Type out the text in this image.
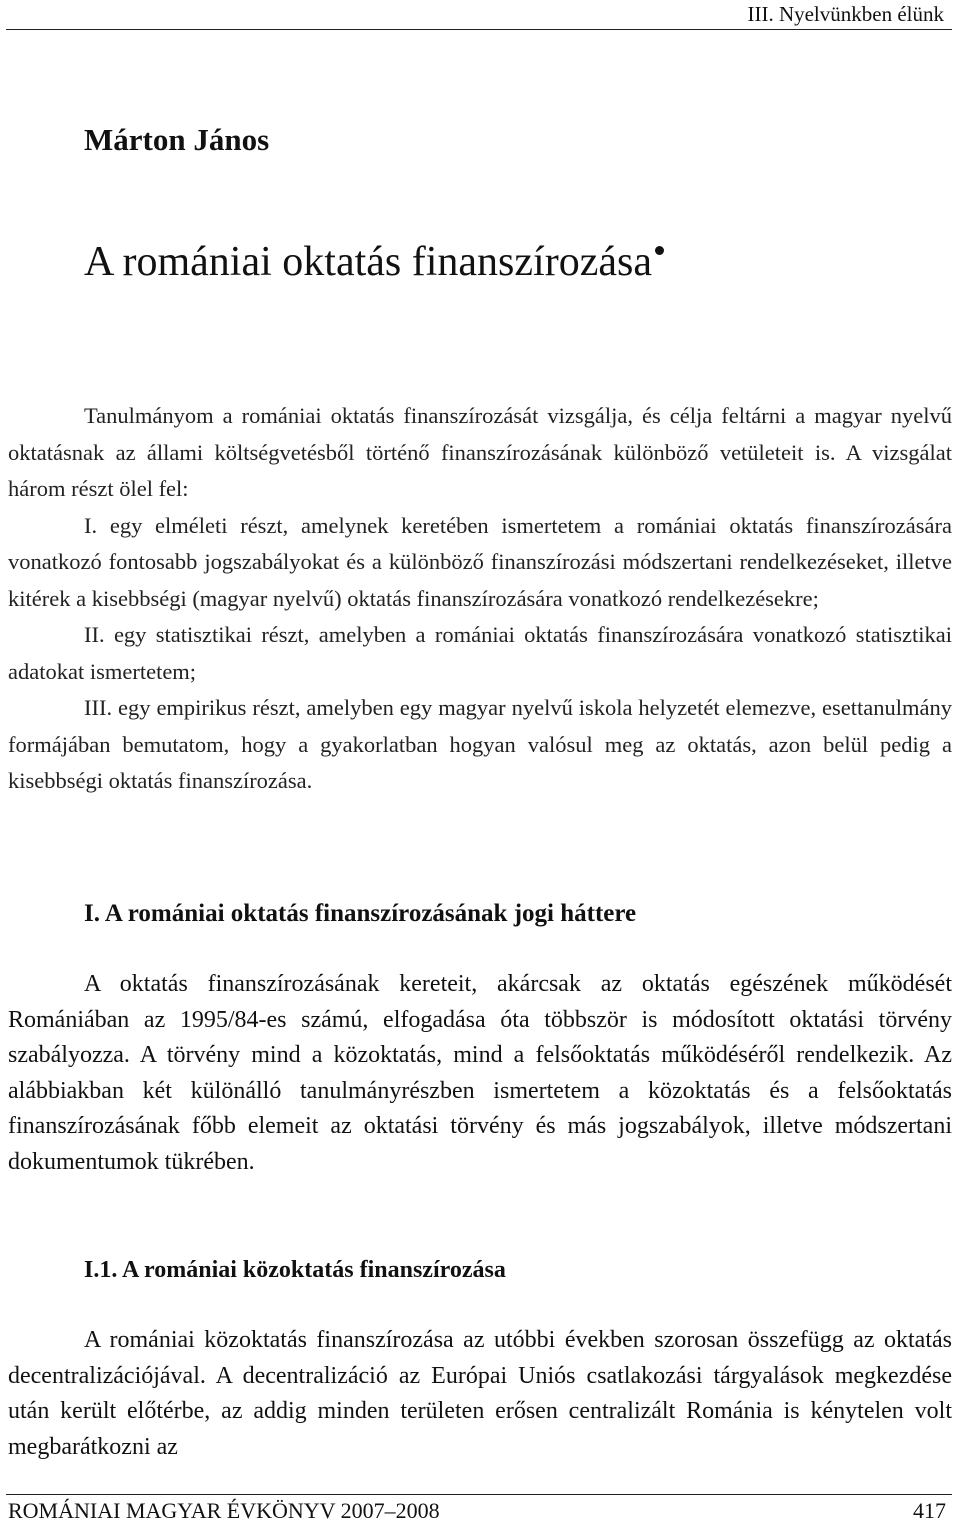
III. Nyelvünkben élünk
Márton János
A romániai oktatás finanszírozása

Tanulmányom a romániai oktatás finanszírozását vizsgálja, és célja feltárni a magyar nyelvű oktatásnak az állami költségvetésből történő finanszírozásának különböző vetületeit is. A vizsgálat három részt ölel fel:

I. egy elméleti részt, amelynek keretében ismertetem a romániai oktatás finanszírozására vonatkozó fontosabb jogszabályokat és a különböző finanszírozási módszertani rendelkezéseket, illetve kitérek a kisebbségi (magyar nyelvű) oktatás finanszírozására vonatkozó rendelkezésekre;

II. egy statisztikai részt, amelyben a romániai oktatás finanszírozására vonatkozó statisztikai adatokat ismertetem;

III. egy empirikus részt, amelyben egy magyar nyelvű iskola helyzetét elemezve, esettanulmány formájában bemutatom, hogy a gyakorlatban hogyan valósul meg az oktatás, azon belül pedig a kisebbségi oktatás finanszírozása.

I. A romániai oktatás finanszírozásának jogi háttere

A oktatás finanszírozásának kereteit, akárcsak az oktatás egészének működését Romániában az 1995/84-es számú, elfogadása óta többször is módosított oktatási törvény szabályozza. A törvény mind a közoktatás, mind a felsőoktatás működéséről rendelkezik. Az alábbiakban két különálló tanulmányrészben ismertetem a közoktatás és a felsőoktatás finanszírozásának főbb elemeit az oktatási törvény és más jogszabályok, illetve módszertani dokumentumok tükrében.

I.1. A romániai közoktatás finanszírozása

A romániai közoktatás finanszírozása az utóbbi években szorosan összefügg az oktatás decentralizációjával. A decentralizáció az Európai Uniós csatlakozási tárgyalások megkezdése után került előtérbe, az addig minden területen erősen centralizált Románia is kénytelen volt megbarátkozni az

ROMÁNIAI MAGYAR ÉVKÖNYV 2007–2008	417
